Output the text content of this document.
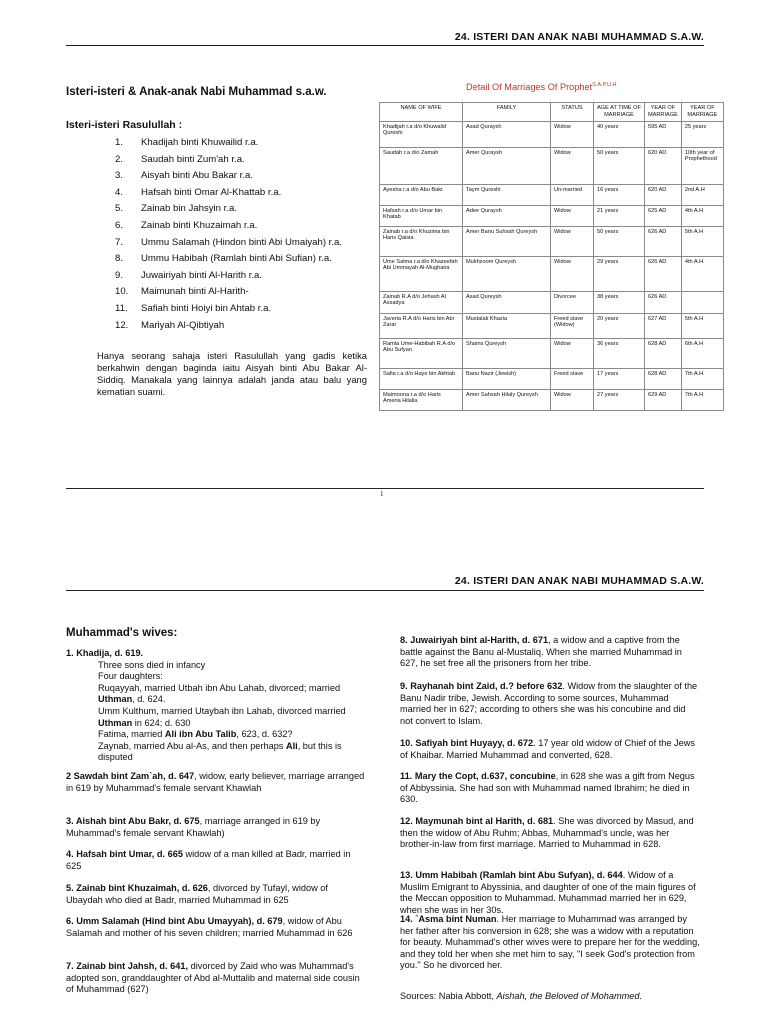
24. ISTERI DAN ANAK NABI MUHAMMAD S.A.W.
Isteri-isteri & Anak-anak Nabi Muhammad s.a.w.
Isteri-isteri Rasulullah :
1. Khadijah binti Khuwailid r.a.
2. Saudah binti Zum'ah r.a.
3. Aisyah binti Abu Bakar r.a.
4. Hafsah binti Omar Al-Khattab r.a.
5. Zainab bin Jahsyin r.a.
6. Zainab binti Khuzaimah r.a.
7. Ummu Salamah (Hindon binti Abi Umaiyah) r.a.
8. Ummu Habibah (Ramlah binti Abi Sufian) r.a.
9. Juwairiyah binti Al-Harith r.a.
10. Maimunah binti Al-Harith-
11. Safiah binti Hoiyi bin Ahtab r.a.
12. Mariyah Al-Qibtiyah
Hanya seorang sahaja isteri Rasulullah yang gadis ketika berkahwin dengan baginda iaitu Aisyah binti Abu Bakar Al-Siddiq. Manakala yang lainnya adalah janda atau balu yang kematian suami.
Detail Of Marriages Of Prophet$^{S.A.P.U.H}$
NAME OF WIFE	FAMILY	STATUS	AGE AT TIME OF MARRIAGE	YEAR OF MARRIAGE	YEAR OF MARRIAGE
Khadijah r.a d/o Khuwalid Qureshi	Asad Quraysh	Widow	40 years	595 AD	25 years
Saudah r.a d/o Zamah	Amer Quraysh	Widow	50 years	620 AD	10th year of Prophethood
Ayesha r.a d/o Abu Bakr	Taym Qureshi	Un-married	16 years	620 AD	2nd A.H
Hafsah r.a d/o Umar bin Khatab	Adee Quraysh	Widow	21 years	625 AD	4th A.H
Zainab r.a d/o Khuzima bin Haris Qaisia	Amer Banu Suhsah Qureysh	Widow	50 years	626 AD	5th A.H
Ume Salma r.a d/o Khazeefah Abi Ummayah Al-Mughaira	Mukhzoom Qureysh	Widow	29 years	626 AD	4th A.H
Zainab R.A d/o Jehash Al Assadya	Asad Qureysh	Divorcee	38 years	626 AD	
Javeria R.A d/o Haris bin Abi Zarar	Mustalak Khazia	Freed slave (Widow)	20 years	627 AD	5th A.H
Ramla Ume-Habibah R.A d/o Abu Sufyan	Shams Qureysh	Widow	36 years	628 AD	6th A.H
Safia r.a d/o Haye bin Akhtab	Banu Nazir (Jewish)	Freed slave	17 years	628 AD	7th A.H
Maimoona r.a d/o Haris Ameria Hilalia	Amer Sahsah Hilaly Qureysh	Widow	27 years	629 AD	7th A.H
1
24. ISTERI DAN ANAK NABI MUHAMMAD S.A.W.
Muhammad's wives:
1. Khadija, d. 619.

Three sons died in infancy
Four daughters:
Ruqayyah, married Utbah ibn Abu Lahab, divorced; married Uthman, d. 624.
Umm Kulthum, married Utaybah ibn Lahab, divorced married Uthman in 624; d. 630
Fatima, married Ali ibn Abu Talib, 623, d. 632?
Zaynab, married Abu al-As, and then perhaps Ali, but this is disputed
2 Sawdah bint Zam`ah, d. 647, widow, early believer, marriage arranged in 619 by Muhammad's female servant Khawlah
3. Aishah bint Abu Bakr, d. 675, marriage arranged in 619 by Muhammad's female servant Khawlah)
4. Hafsah bint Umar, d. 665 widow of a man killed at Badr, married in 625
5. Zainab bint Khuzaimah, d. 626, divorced by Tufayl, widow of Ubaydah who died at Badr, married Muhammad in 625
6. Umm Salamah (Hind bint Abu Umayyah), d. 679, widow of Abu Salamah and mother of his seven children; married Muhammad in 626
7. Zainab bint Jahsh, d. 641, divorced by Zaid who was Muhammad's adopted son, granddaughter of Abd al-Muttalib and maternal side cousin of Muhammad (627)
8. Juwairiyah bint al-Harith, d. 671, a widow and a captive from the battle against the Banu al-Mustaliq. When she married Muhammad in 627, he set free all the prisoners from her tribe.
9. Rayhanah bint Zaid, d.? before 632. Widow from the slaughter of the Banu Nadir tribe, Jewish. According to some sources, Muhammad married her in 627; according to others she was his concubine and did not convert to Islam.
10. Safiyah bint Huyayy, d. 672. 17 year old widow of Chief of the Jews of Khaibar. Married Muhammad and converted, 628.
11. Mary the Copt, d.637, concubine, in 628 she was a gift from Negus of Abbyssinia. She had son with Muhammad named Ibrahim; he died in 630.
12. Maymunah bint al Harith, d. 681. She was divorced by Masud, and then the widow of Abu Ruhm; Abbas, Muhammad's uncle, was her brother-in-law from first marriage. Married to Muhammad in 628.
13. Umm Habibah (Ramlah bint Abu Sufyan), d. 644. Widow of a Muslim Emigrant to Abyssinia, and daughter of one of the main figures of the Meccan opposition to Muhammad. Muhammad married her in 629, when she was in her 30s.
14. `Asma bint Numan. Her marriage to Muhammad was arranged by her father after his conversion in 628; she was a widow with a reputation for beauty. Muhammad's other wives were to prepare her for the wedding, and they told her when she met him to say, "I seek God's protection from you." So he divorced her.
Sources: Nabia Abbott, Aishah, the Beloved of Mohammed.
